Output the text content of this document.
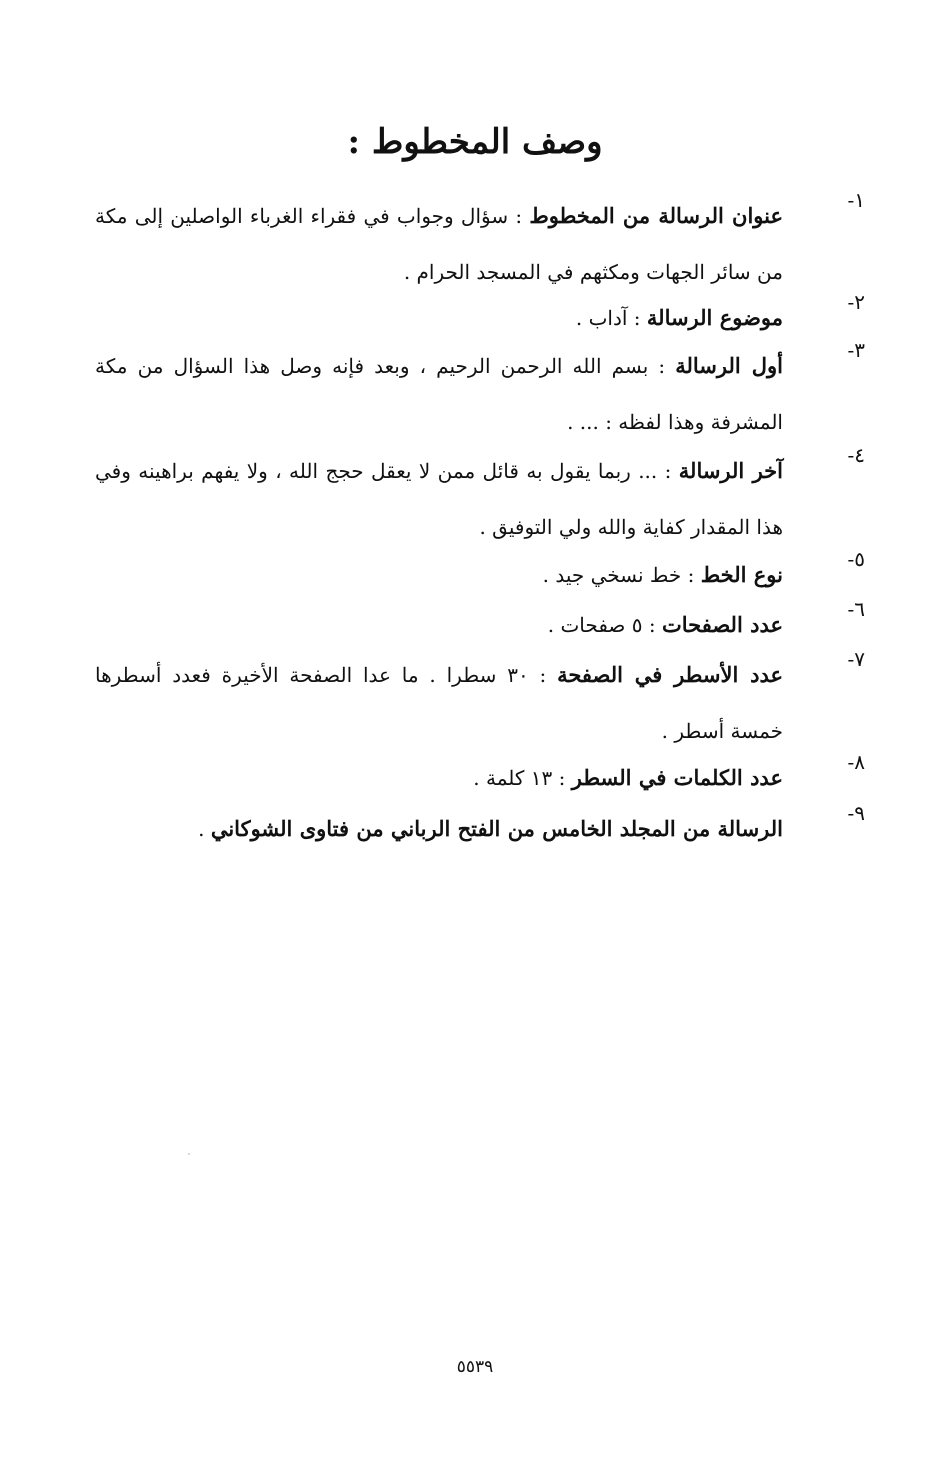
وصف المخطوط :
١-
عنوان الرسالة من المخطوط : سؤال وجواب في فقراء الغرباء الواصلين إلى مكة من سائر الجهات ومكثهم في المسجد الحرام .
٢-
موضوع الرسالة : آداب .
٣-
أول الرسالة : بسم الله الرحمن الرحيم ، وبعد فإنه وصل هذا السؤال من مكة المشرفة وهذا لفظه : ... .
٤-
آخر الرسالة : ... ربما يقول به قائل ممن لا يعقل حجج الله ، ولا يفهم براهينه وفي هذا المقدار كفاية والله ولي التوفيق .
٥-
نوع الخط : خط نسخي جيد .
٦-
عدد الصفحات : ٥ صفحات .
٧-
عدد الأسطر في الصفحة : ٣٠ سطرا . ما عدا الصفحة الأخيرة فعدد أسطرها خمسة أسطر .
٨-
عدد الكلمات في السطر : ١٣ كلمة .
٩-
الرسالة من المجلد الخامس من الفتح الرباني من فتاوى الشوكاني .
٥٥٣٩
